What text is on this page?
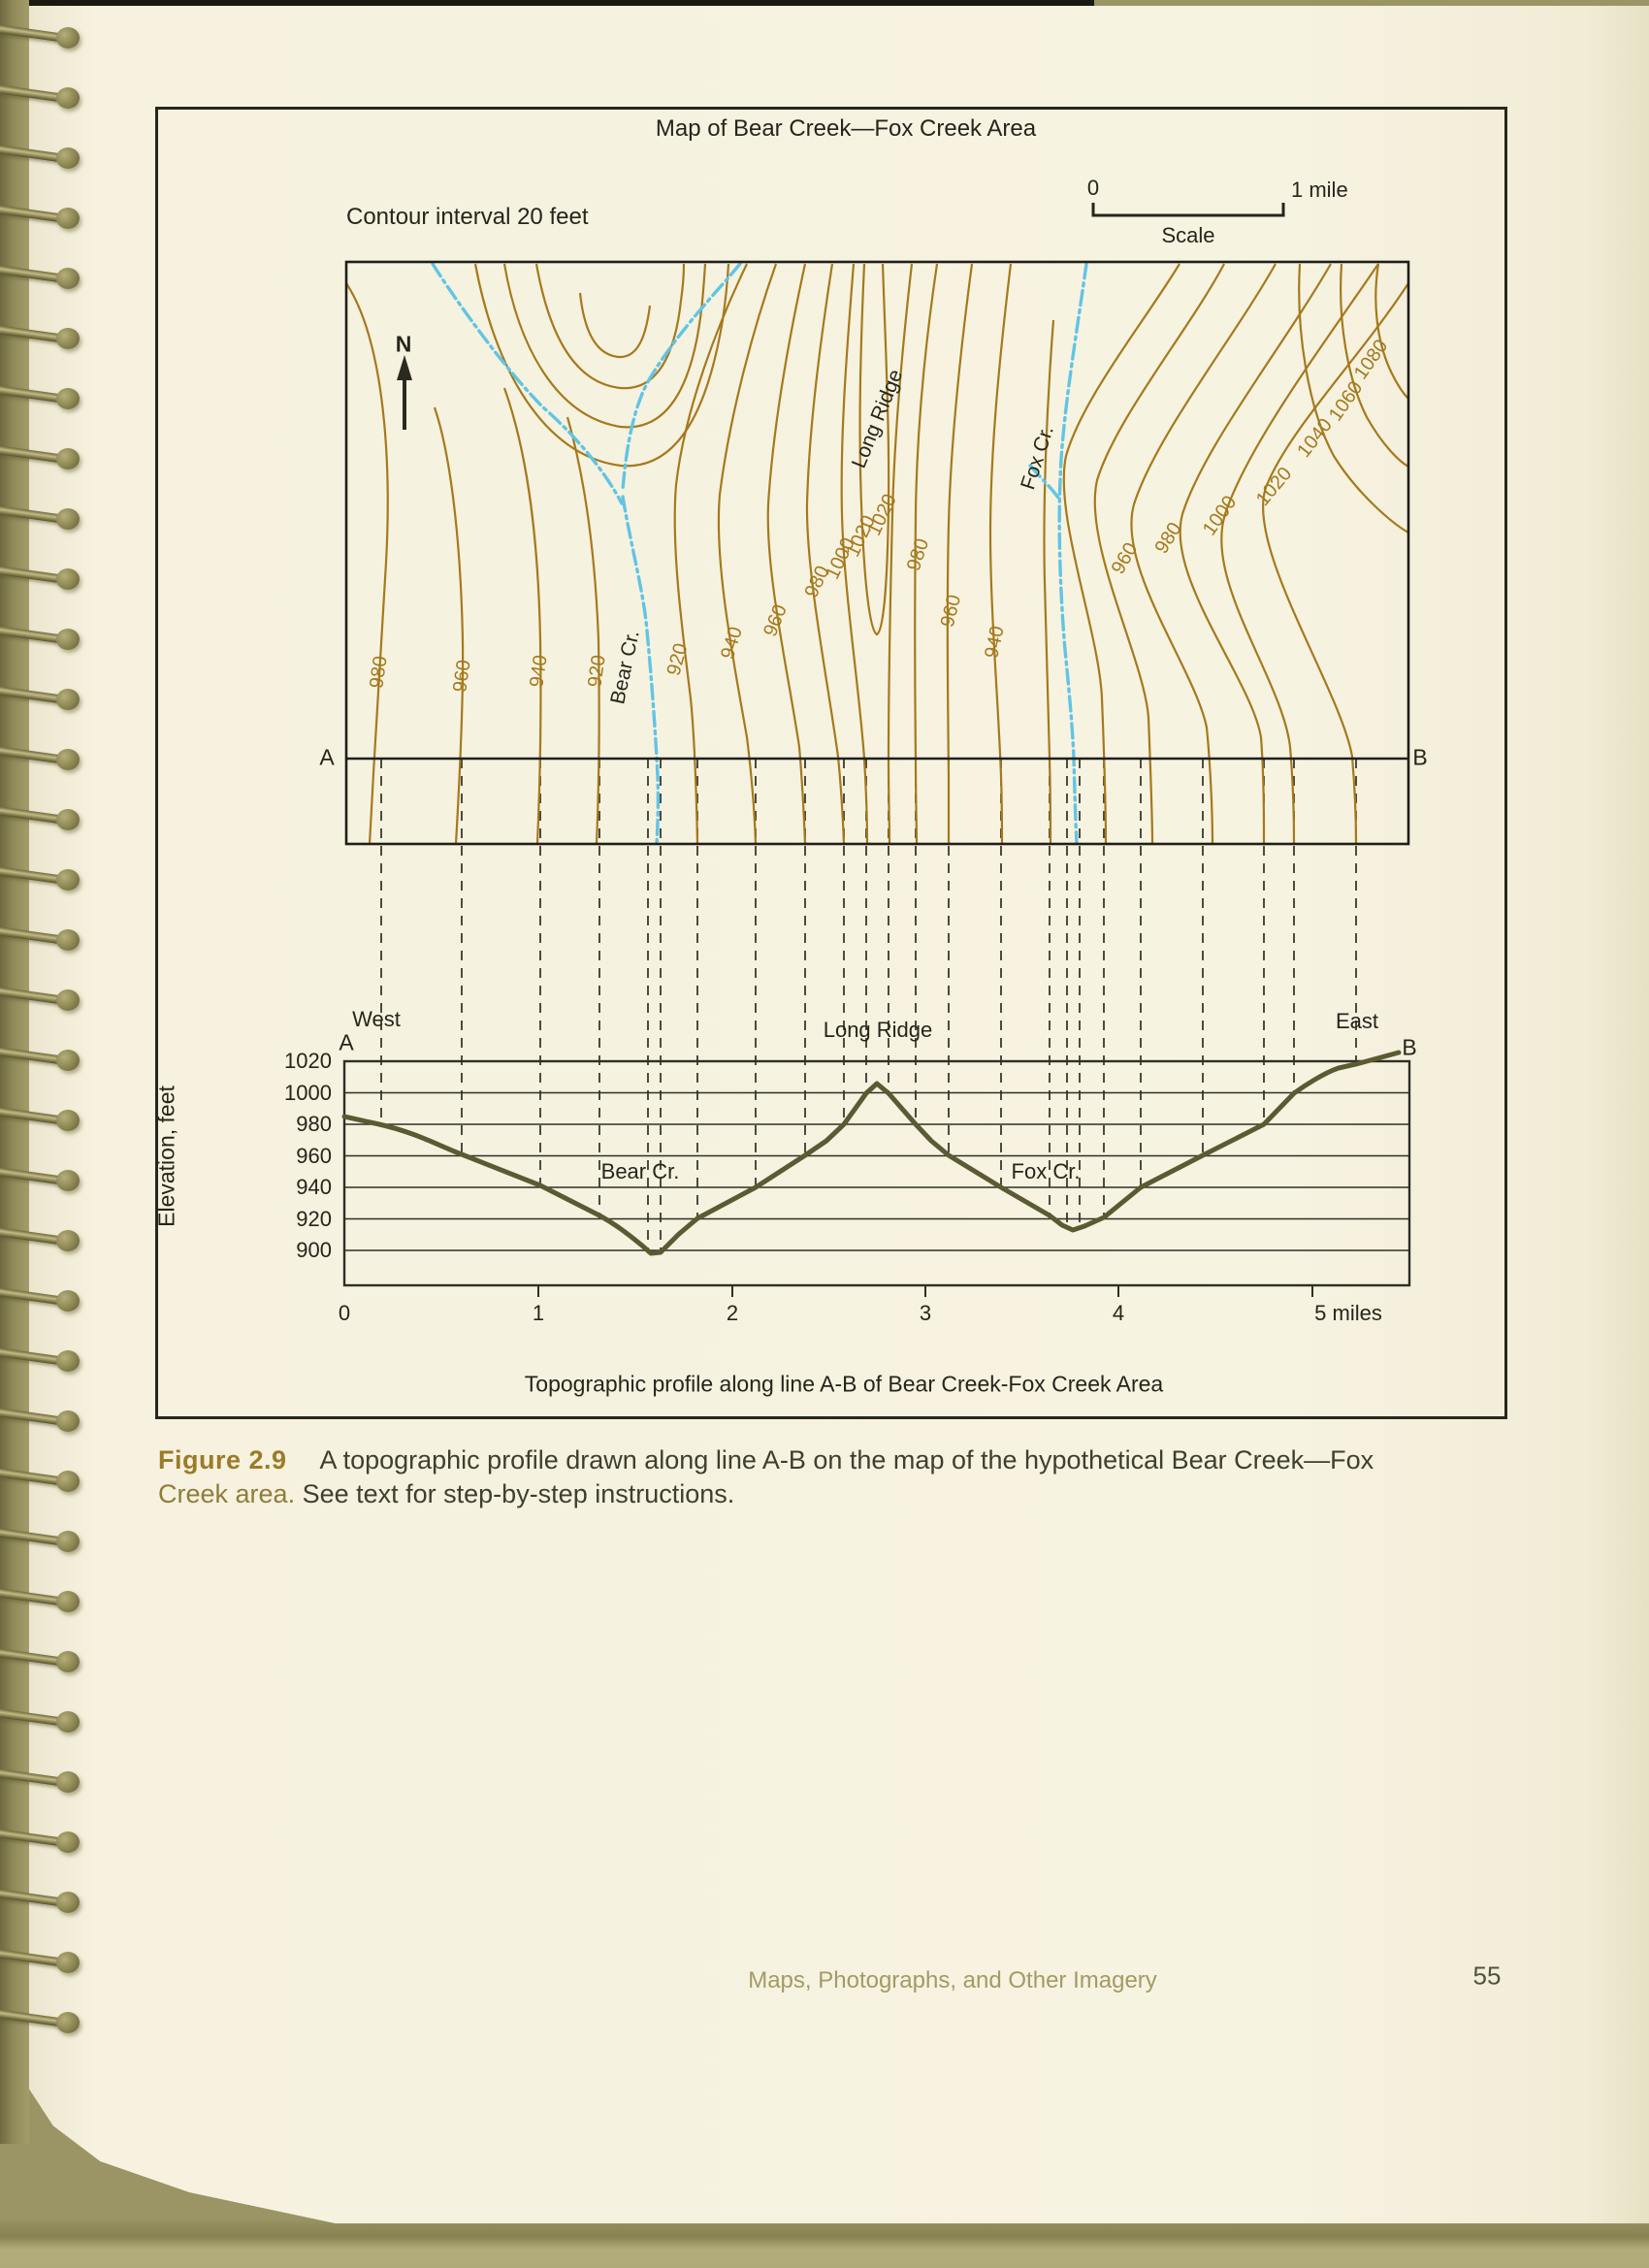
Map of Bear Creek—Fox Creek Area
Contour interval 20 feet
0	1 mile
Scale
N
A	B
Bear Cr.
Long Ridge	Fox Cr.
980	960	940 920	920 940
960
980
1000
1020
1020
980
960
940
960
980 1000
1020
1040
1060
1080
West	East
A	B
Long Ridge
Bear Cr.	Fox Cr.
Elevation, feet
1020
1000
980
960
940
920
900
0	1	2	3	4	5 miles
Topographic profile along line A-B of Bear Creek-Fox Creek Area
Figure 2.9 A topographic profile drawn along line A-B on the map of the hypothetical Bear Creek—Fox
Creek area. See text for step-by-step instructions.
Maps, Photographs, and Other Imagery	55
